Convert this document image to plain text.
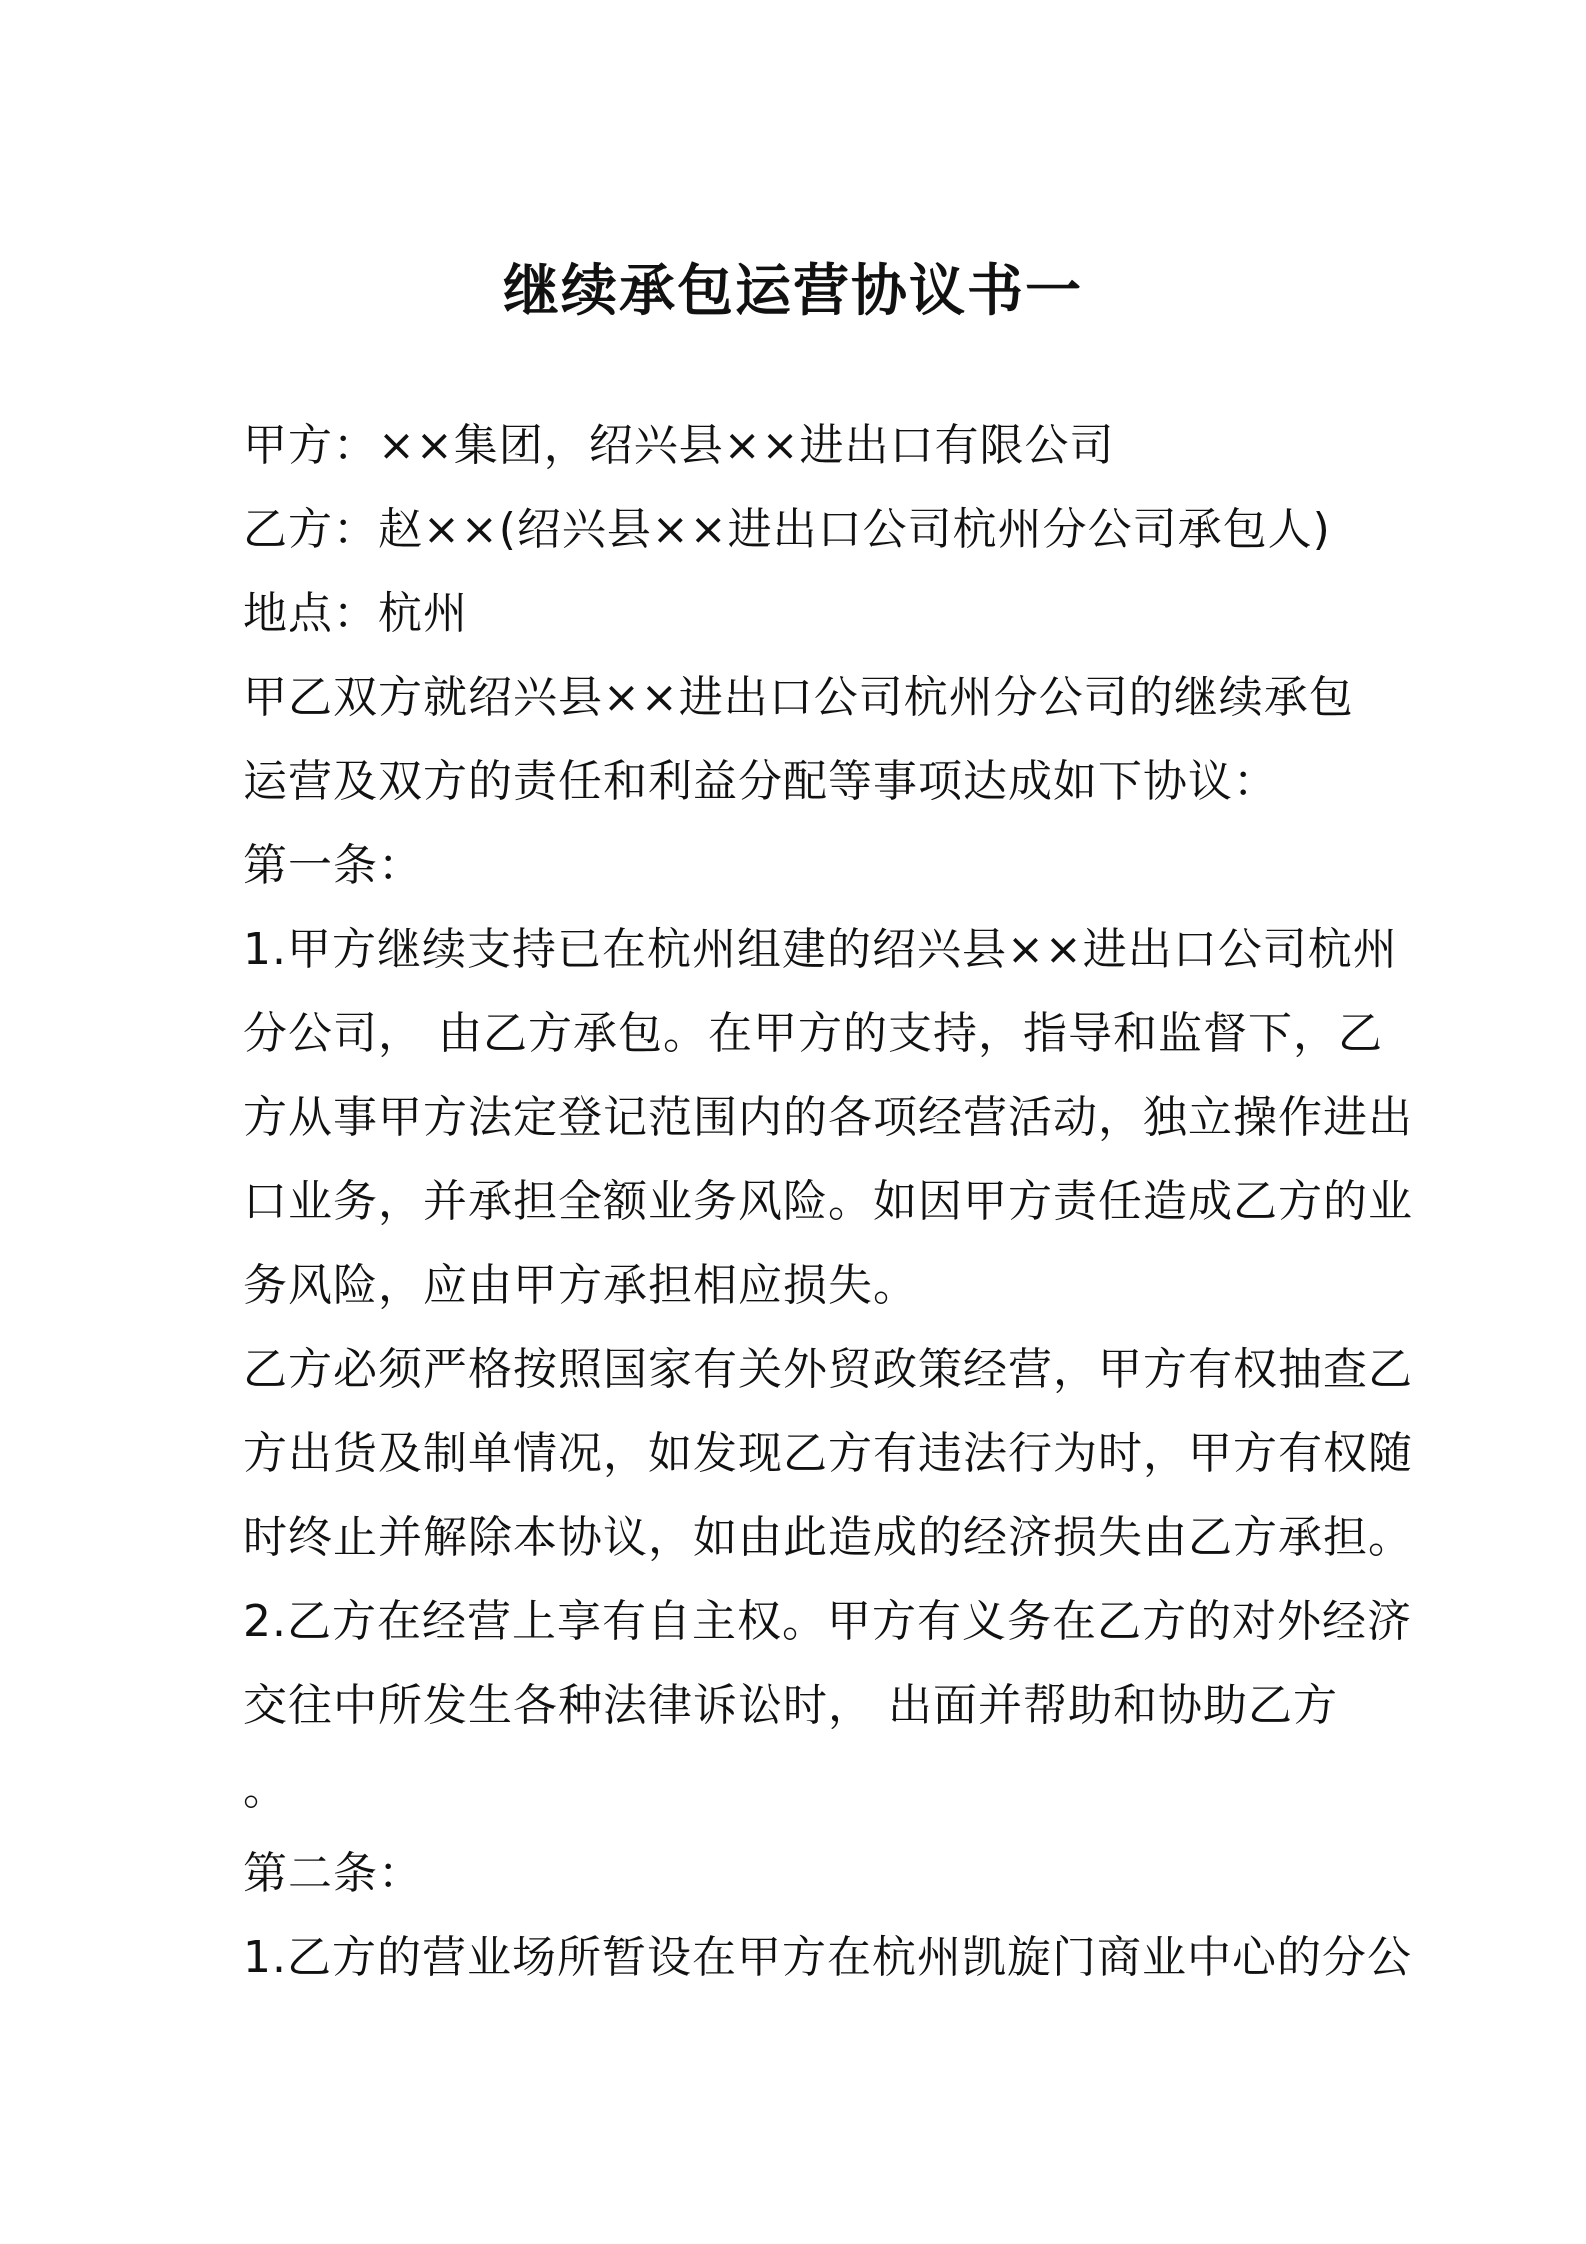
继续承包运营协议书一
甲方：××集团，绍兴县××进出口有限公司
乙方：赵××(绍兴县××进出口公司杭州分公司承包人)
地点：杭州
甲乙双方就绍兴县××进出口公司杭州分公司的继续承包
运营及双方的责任和利益分配等事项达成如下协议：
第一条：
1.甲方继续支持已在杭州组建的绍兴县××进出口公司杭州
分公司， 由乙方承包。在甲方的支持，指导和监督下，乙
方从事甲方法定登记范围内的各项经营活动，独立操作进出
口业务，并承担全额业务风险。如因甲方责任造成乙方的业
务风险，应由甲方承担相应损失。
乙方必须严格按照国家有关外贸政策经营，甲方有权抽查乙
方出货及制单情况，如发现乙方有违法行为时，甲方有权随
时终止并解除本协议，如由此造成的经济损失由乙方承担。
2.乙方在经营上享有自主权。甲方有义务在乙方的对外经济
交往中所发生各种法律诉讼时， 出面并帮助和协助乙方
。
第二条：
1.乙方的营业场所暂设在甲方在杭州凯旋门商业中心的分公
